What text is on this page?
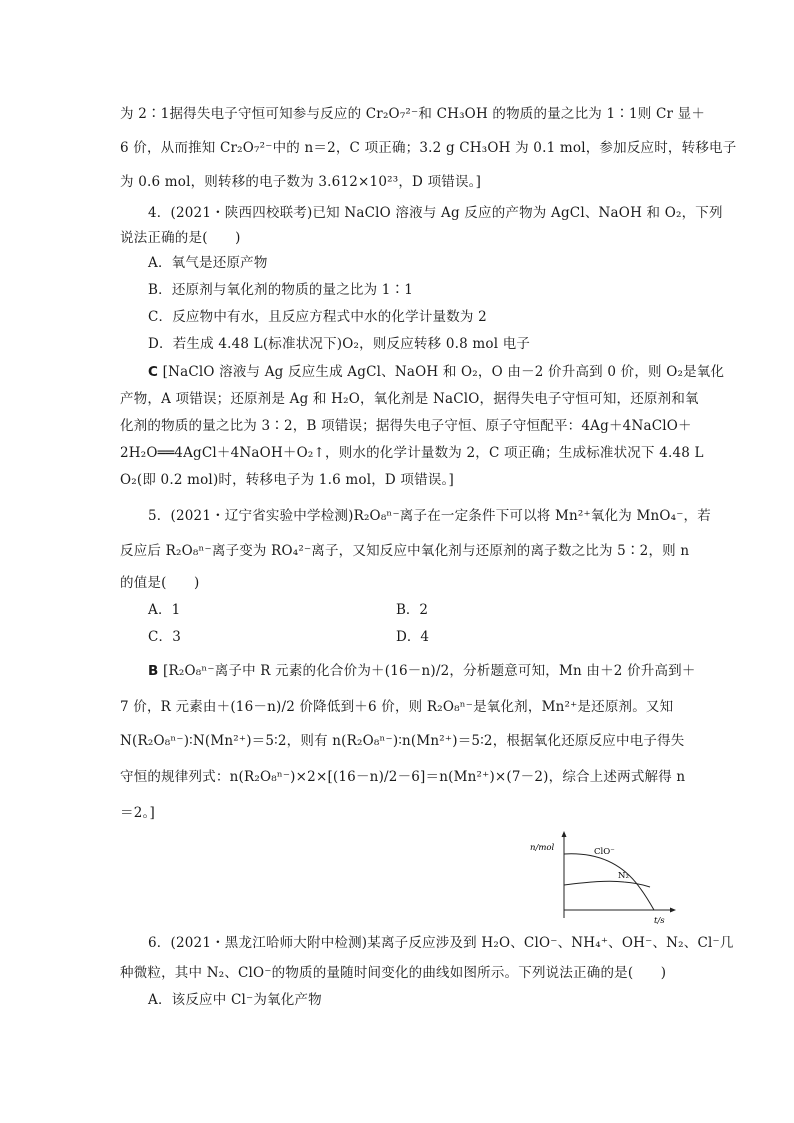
为 2∶1据得失电子守恒可知参与反应的 Cr₂O₇²⁻和 CH₃OH 的物质的量之比为 1∶1则 Cr 显＋
6 价，从而推知 Cr₂O₇²⁻中的 n＝2，C 项正确；3.2 g CH₃OH 为 0.1 mol，参加反应时，转移电子
为 0.6 mol，则转移的电子数为 3.612×10²³，D 项错误。]
4．(2021・陕西四校联考)已知 NaClO 溶液与 Ag 反应的产物为 AgCl、NaOH 和 O₂，下列
说法正确的是(　　)
A．氧气是还原产物
B．还原剂与氧化剂的物质的量之比为 1∶1
C．反应物中有水，且反应方程式中水的化学计量数为 2
D．若生成 4.48 L(标准状况下)O₂，则反应转移 0.8 mol 电子
C [NaClO 溶液与 Ag 反应生成 AgCl、NaOH 和 O₂，O 由－2 价升高到 0 价，则 O₂是氧化
产物，A 项错误；还原剂是 Ag 和 H₂O，氧化剂是 NaClO，据得失电子守恒可知，还原剂和氧
化剂的物质的量之比为 3∶2，B 项错误；据得失电子守恒、原子守恒配平：4Ag＋4NaClO＋
2H₂O══4AgCl＋4NaOH＋O₂↑，则水的化学计量数为 2，C 项正确；生成标准状况下 4.48 L
O₂(即 0.2 mol)时，转移电子为 1.6 mol，D 项错误。]
5．(2021・辽宁省实验中学检测)R₂O₈ⁿ⁻离子在一定条件下可以将 Mn²⁺氧化为 MnO₄⁻，若
反应后 R₂O₈ⁿ⁻离子变为 RO₄²⁻离子，又知反应中氧化剂与还原剂的离子数之比为 5∶2，则 n
的值是(　　)
A．1	B．2
C．3	D．4
B [R₂O₈ⁿ⁻离子中 R 元素的化合价为＋(16－n)/2，分析题意可知，Mn 由＋2 价升高到＋
7 价，R 元素由＋(16－n)/2 价降低到＋6 价，则 R₂O₈ⁿ⁻是氧化剂，Mn²⁺是还原剂。又知
N(R₂O₈ⁿ⁻)∶N(Mn²⁺)＝5∶2，则有 n(R₂O₈ⁿ⁻)∶n(Mn²⁺)＝5∶2，根据氧化还原反应中电子得失
守恒的规律列式：n(R₂O₈ⁿ⁻)×2×[(16－n)/2－6]＝n(Mn²⁺)×(7－2)，综合上述两式解得 n
＝2。]
n/mol
t/s
ClO⁻
N₂
6．(2021・黑龙江哈师大附中检测)某离子反应涉及到 H₂O、ClO⁻、NH₄⁺、OH⁻、N₂、Cl⁻几
种微粒，其中 N₂、ClO⁻的物质的量随时间变化的曲线如图所示。下列说法正确的是(　　)
A．该反应中 Cl⁻为氧化产物
